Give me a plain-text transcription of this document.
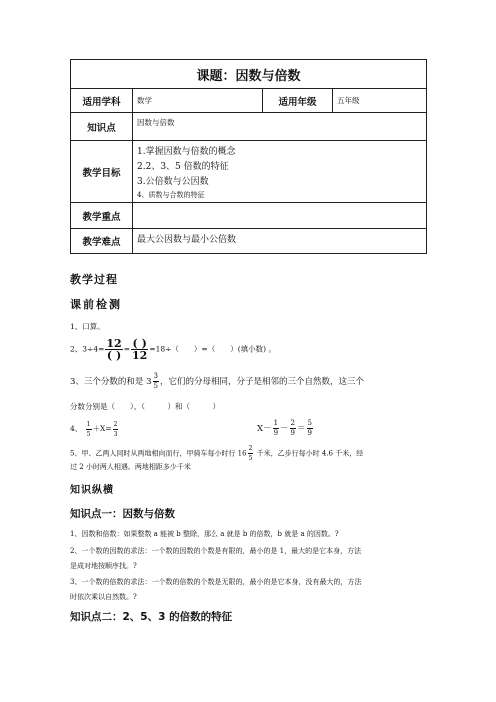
课题：因数与倍数			
适用学科	数学	适用年级	五年级
知识点	因数与倍数		
教学目标	1.掌握因数与倍数的概念
2.2、3、5 倍数的特征
3.公倍数与公因数
4、质数与合数的特征		

教学重点			
教学难点	最大公因数与最小公倍数		
教学过程
课前检测
1、口算。
2、$3\div 4= \frac{12}{( )} = \frac{( )}{12} =18\div$（　　）=（　　）(填小数) 。
3、三个分数的和是 $3 \frac{3}{5}$ ，它们的分母相同，分子是相邻的三个自然数，这三个
分数分别是（　　）、（　　　）和（　　　）
4、 $\frac{1}{5} +X= \frac{2}{3}$	$X- \frac{1}{9} - \frac{2}{9} = \frac{5}{9}$
5、甲、乙两人同时从两地相向而行，甲骑车每小时行 $16 \frac{2}{5}$ 千米，乙步行每小时 4.6 千米，经
过 2 小时两人相遇。两地相距多少千米
知识纵横
知识点一：因数与倍数
1、因数和倍数：如果整数 a 能被 b 整除，那么 a 就是 b 的倍数，b 就是 a 的因数。?
2、一个数的因数的求法：一个数的因数的个数是有限的，最小的是 1，最大的是它本身，方法
是成对地按顺序找。?
3、一个数的倍数的求法：一个数的倍数的个数是无限的，最小的是它本身，没有最大的，方法
时依次乘以自然数。?
知识点二：2、5、3 的倍数的特征
